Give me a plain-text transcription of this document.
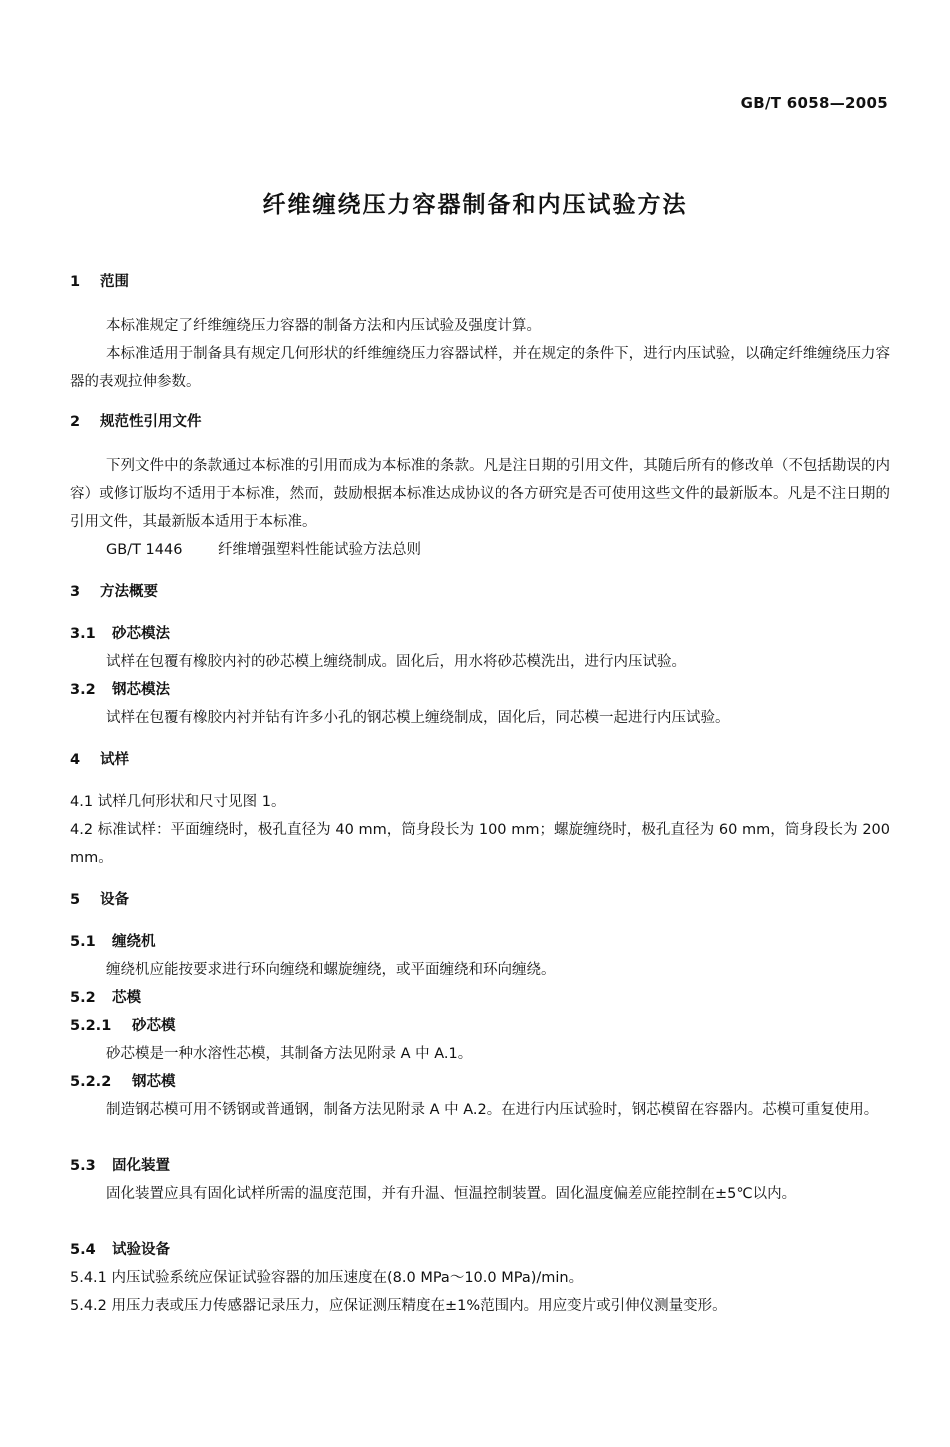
GB/T 6058—2005
纤维缠绕压力容器制备和内压试验方法
1 范围
本标准规定了纤维缠绕压力容器的制备方法和内压试验及强度计算。
本标准适用于制备具有规定几何形状的纤维缠绕压力容器试样，并在规定的条件下，进行内压试验，以确定纤维缠绕压力容器的表观拉伸参数。
2 规范性引用文件
下列文件中的条款通过本标准的引用而成为本标准的条款。凡是注日期的引用文件，其随后所有的修改单（不包括勘误的内容）或修订版均不适用于本标准，然而，鼓励根据本标准达成协议的各方研究是否可使用这些文件的最新版本。凡是不注日期的引用文件，其最新版本适用于本标准。
GB/T 1446 纤维增强塑料性能试验方法总则
3 方法概要
3.1 砂芯模法
试样在包覆有橡胶内衬的砂芯模上缠绕制成。固化后，用水将砂芯模洗出，进行内压试验。
3.2 钢芯模法
试样在包覆有橡胶内衬并钻有许多小孔的钢芯模上缠绕制成，固化后，同芯模一起进行内压试验。
4 试样
4.1 试样几何形状和尺寸见图 1。
4.2 标准试样：平面缠绕时，极孔直径为 40 mm，筒身段长为 100 mm；螺旋缠绕时，极孔直径为 60 mm，筒身段长为 200 mm。
5 设备
5.1 缠绕机
缠绕机应能按要求进行环向缠绕和螺旋缠绕，或平面缠绕和环向缠绕。
5.2 芯模
5.2.1 砂芯模
砂芯模是一种水溶性芯模，其制备方法见附录 A 中 A.1。
5.2.2 钢芯模
制造钢芯模可用不锈钢或普通钢，制备方法见附录 A 中 A.2。在进行内压试验时，钢芯模留在容器内。芯模可重复使用。
5.3 固化装置
固化装置应具有固化试样所需的温度范围，并有升温、恒温控制装置。固化温度偏差应能控制在±5℃以内。
5.4 试验设备
5.4.1 内压试验系统应保证试验容器的加压速度在(8.0 MPa～10.0 MPa)/min。
5.4.2 用压力表或压力传感器记录压力，应保证测压精度在±1%范围内。用应变片或引伸仪测量变形。
